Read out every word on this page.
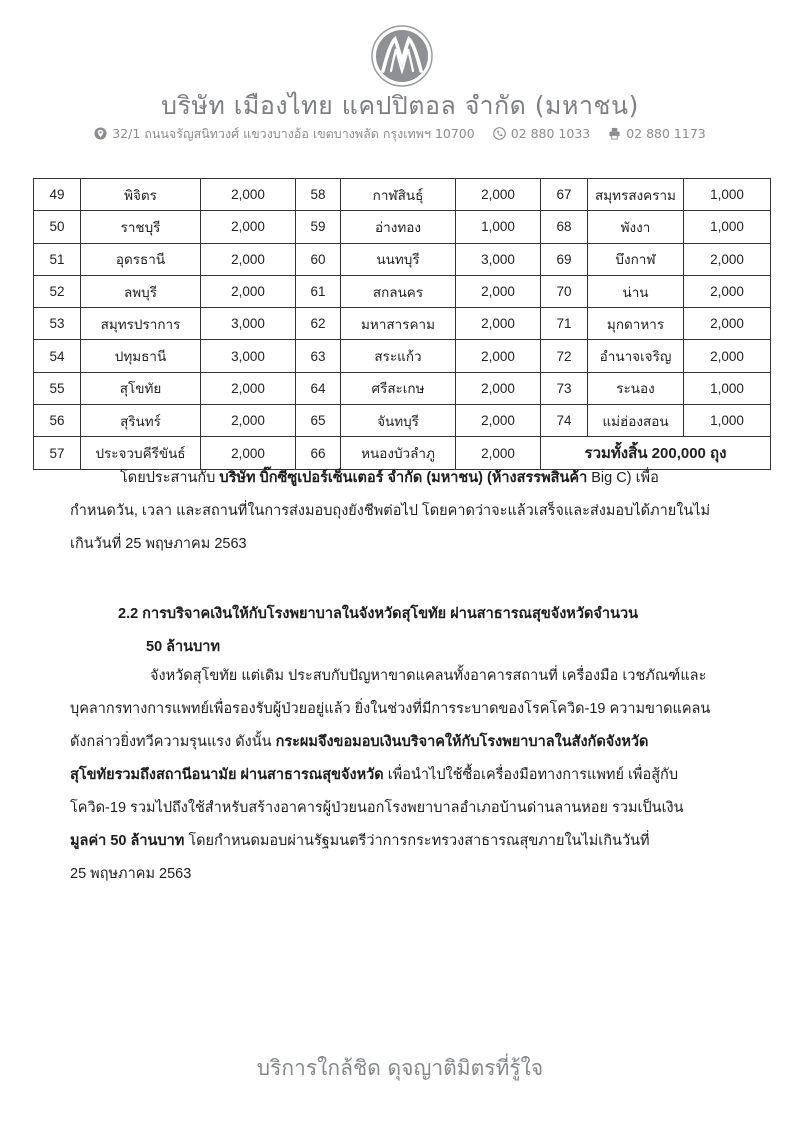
บริษัท เมืองไทย แคปปิตอล จำกัด (มหาชน)
32/1 ถนนจรัญสนิทวงศ์ แขวงบางอ้อ เขตบางพลัด กรุงเทพฯ 10700	02 880 1033	02 880 1173
49	พิจิตร	2,000	58	กาฬสินธุ์	2,000	67	สมุทรสงคราม	1,000
50	ราชบุรี	2,000	59	อ่างทอง	1,000	68	พังงา	1,000
51	อุดรธานี	2,000	60	นนทบุรี	3,000	69	บึงกาฬ	2,000
52	ลพบุรี	2,000	61	สกลนคร	2,000	70	น่าน	2,000
53	สมุทรปราการ	3,000	62	มหาสารคาม	2,000	71	มุกดาหาร	2,000
54	ปทุมธานี	3,000	63	สระแก้ว	2,000	72	อำนาจเจริญ	2,000
55	สุโขทัย	2,000	64	ศรีสะเกษ	2,000	73	ระนอง	1,000
56	สุรินทร์	2,000	65	จันทบุรี	2,000	74	แม่ฮ่องสอน	1,000
57	ประจวบคีรีขันธ์	2,000	66	หนองบัวลำภู	2,000	รวมทั้งสิ้น 200,000 ถุง		
โดยประสานกับ บริษัท บิ๊กซีซูเปอร์เซ็นเตอร์ จำกัด (มหาชน) (ห้างสรรพสินค้า Big C) เพื่อ
กำหนดวัน, เวลา และสถานที่ในการส่งมอบถุงยังชีพต่อไป โดยคาดว่าจะแล้วเสร็จและส่งมอบได้ภายในไม่
เกินวันที่ 25 พฤษภาคม 2563
2.2 การบริจาคเงินให้กับโรงพยาบาลในจังหวัดสุโขทัย ผ่านสาธารณสุขจังหวัดจำนวน
50 ล้านบาท
จังหวัดสุโขทัย แต่เดิม ประสบกับปัญหาขาดแคลนทั้งอาคารสถานที่ เครื่องมือ เวชภัณฑ์และ
บุคลากรทางการแพทย์เพื่อรองรับผู้ป่วยอยู่แล้ว ยิ่งในช่วงที่มีการระบาดของโรคโควิด-19 ความขาดแคลน
ดังกล่าวยิ่งทวีความรุนแรง ดังนั้น กระผมจึงขอมอบเงินบริจาคให้กับโรงพยาบาลในสังกัดจังหวัด
สุโขทัยรวมถึงสถานีอนามัย ผ่านสาธารณสุขจังหวัด เพื่อนำไปใช้ซื้อเครื่องมือทางการแพทย์ เพื่อสู้กับ
โควิด-19 รวมไปถึงใช้สำหรับสร้างอาคารผู้ป่วยนอกโรงพยาบาลอำเภอบ้านด่านลานหอย รวมเป็นเงิน
มูลค่า 50 ล้านบาท โดยกำหนดมอบผ่านรัฐมนตรีว่าการกระทรวงสาธารณสุขภายในไม่เกินวันที่
25 พฤษภาคม 2563
บริการใกล้ชิด ดุจญาติมิตรที่รู้ใจ
